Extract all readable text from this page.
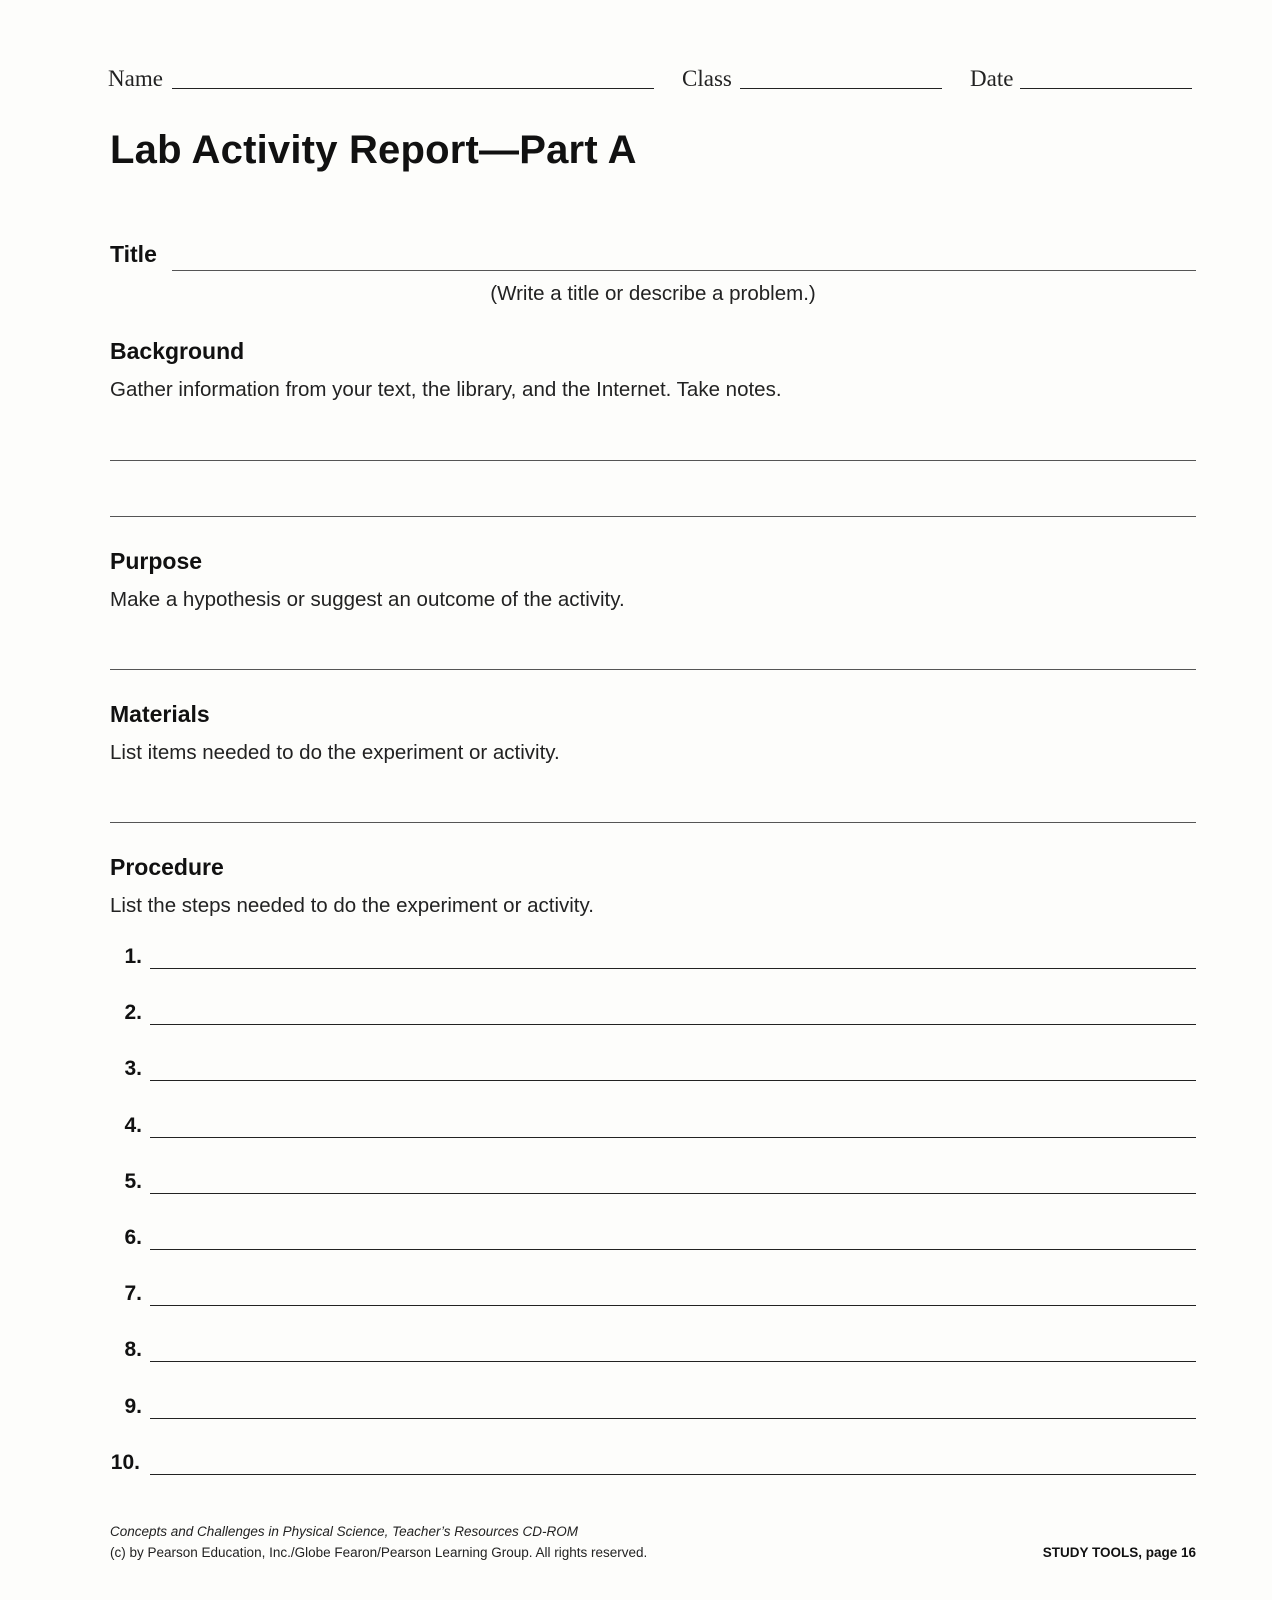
Name	Class	Date
Lab Activity Report—Part A
Title
(Write a title or describe a problem.)
Background
Gather information from your text, the library, and the Internet. Take notes.
Purpose
Make a hypothesis or suggest an outcome of the activity.
Materials
List items needed to do the experiment or activity.
Procedure
List the steps needed to do the experiment or activity.
1.
2.
3.
4.
5.
6.
7.
8.
9.
10.
Concepts and Challenges in Physical Science, Teacher’s Resources CD-ROM
(c) by Pearson Education, Inc./Globe Fearon/Pearson Learning Group. All rights reserved.	STUDY TOOLS, page 16
